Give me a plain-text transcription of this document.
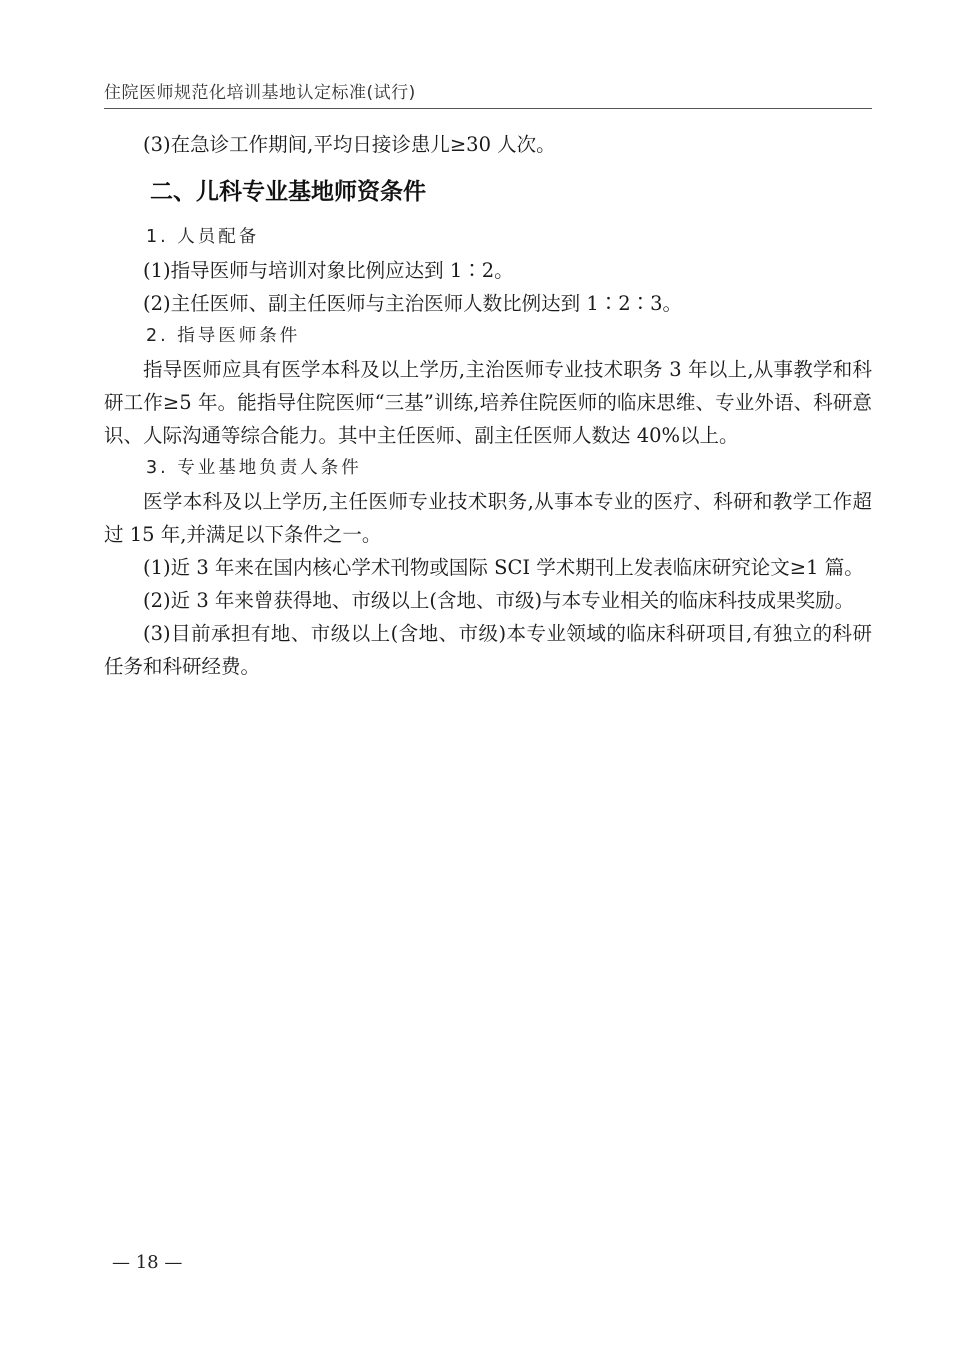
住院医师规范化培训基地认定标准(试行)

(3)在急诊工作期间,平均日接诊患儿≥30 人次。

二、儿科专业基地师资条件

1. 人员配备

(1)指导医师与培训对象比例应达到 1∶2。

(2)主任医师、副主任医师与主治医师人数比例达到 1∶2∶3。

2. 指导医师条件

指导医师应具有医学本科及以上学历,主治医师专业技术职务 3 年以上,从事教学和科研工作≥5 年。能指导住院医师“三基”训练,培养住院医师的临床思维、专业外语、科研意识、人际沟通等综合能力。其中主任医师、副主任医师人数达 40%以上。

3. 专业基地负责人条件

医学本科及以上学历,主任医师专业技术职务,从事本专业的医疗、科研和教学工作超过 15 年,并满足以下条件之一。

(1)近 3 年来在国内核心学术刊物或国际 SCI 学术期刊上发表临床研究论文≥1 篇。

(2)近 3 年来曾获得地、市级以上(含地、市级)与本专业相关的临床科技成果奖励。

(3)目前承担有地、市级以上(含地、市级)本专业领域的临床科研项目,有独立的科研任务和科研经费。

— 18 —
